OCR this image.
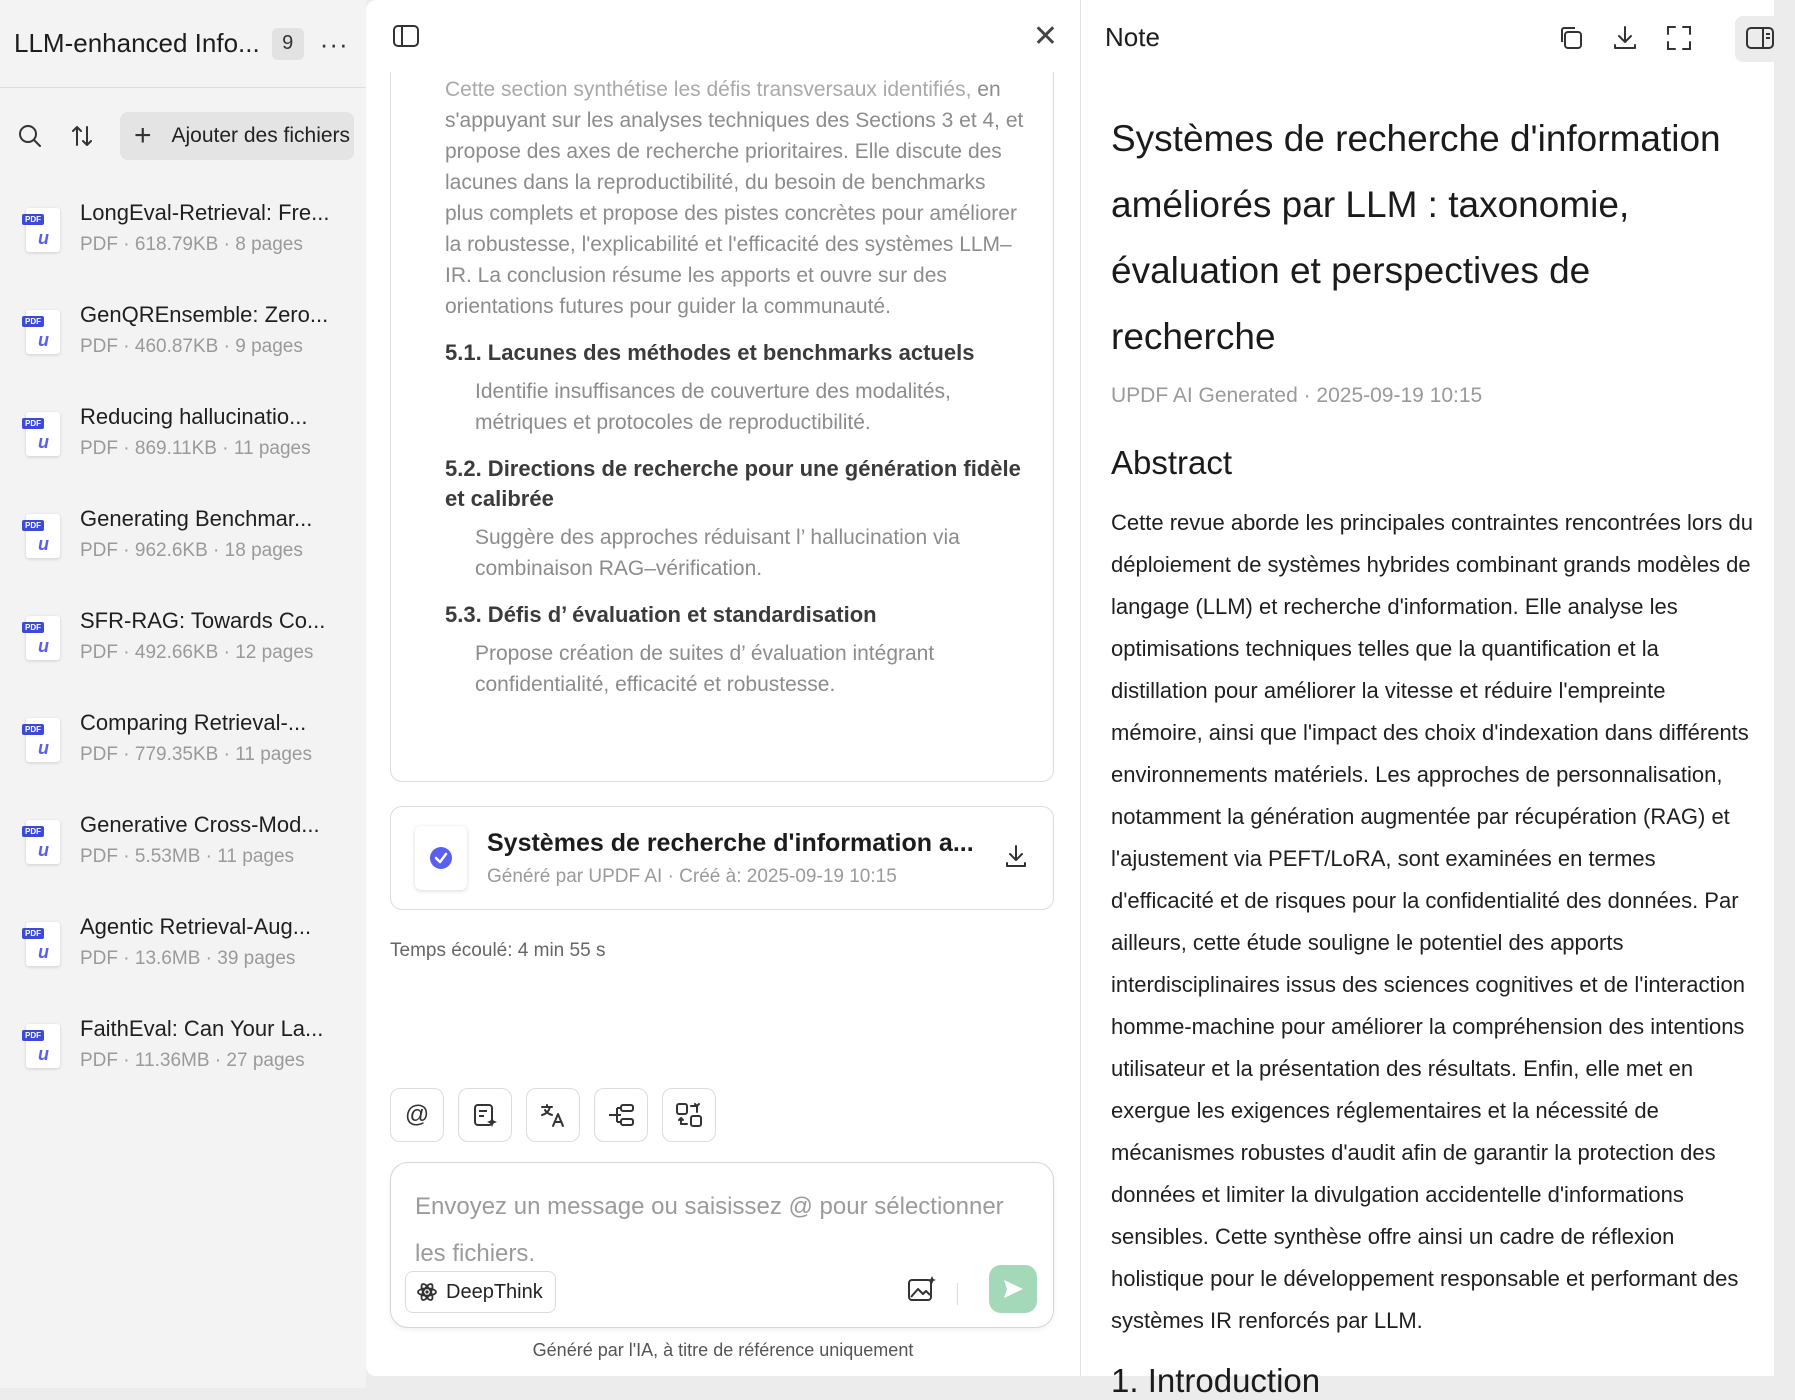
LLM-enhanced Info...	9	···
+ Ajouter des fichiers
PDF
u
LongEval-Retrieval: Fre...
PDF · 618.79KB · 8 pages
PDF
u
GenQREnsemble: Zero...
PDF · 460.87KB · 9 pages
PDF
u
Reducing hallucinatio...
PDF · 869.11KB · 11 pages
PDF
u
Generating Benchmar...
PDF · 962.6KB · 18 pages
PDF
u
SFR-RAG: Towards Co...
PDF · 492.66KB · 12 pages
PDF
u
Comparing Retrieval-...
PDF · 779.35KB · 11 pages
PDF
u
Generative Cross-Mod...
PDF · 5.53MB · 11 pages
PDF
u
Agentic Retrieval-Aug...
PDF · 13.6MB · 39 pages
PDF
u
FaithEval: Can Your La...
PDF · 11.36MB · 27 pages
✕
Cette section synthétise les défis transversaux identifiés, en s'appuyant sur les analyses techniques des Sections 3 et 4, et propose des axes de recherche prioritaires. Elle discute des lacunes dans la reproductibilité, du besoin de benchmarks plus complets et propose des pistes concrètes pour améliorer la robustesse, l'explicabilité et l'efficacité des systèmes LLM–IR. La conclusion résume les apports et ouvre sur des orientations futures pour guider la communauté.
5.1. Lacunes des méthodes et benchmarks actuels
Identifie insuffisances de couverture des modalités, métriques et protocoles de reproductibilité.
5.2. Directions de recherche pour une génération fidèle et calibrée
Suggère des approches réduisant l’ hallucination via combinaison RAG–vérification.
5.3. Défis d’ évaluation et standardisation
Propose création de suites d’ évaluation intégrant confidentialité, efficacité et robustesse.
Systèmes de recherche d'information a...
Généré par UPDF AI · Créé à: 2025-09-19 10:15
Temps écoulé: 4 min 55 s
@
Envoyez un message ou saisissez @ pour sélectionner les fichiers.
DeepThink
Généré par l'IA, à titre de référence uniquement
Note
Systèmes de recherche d'information améliorés par LLM : taxonomie, évaluation et perspectives de recherche
UPDF AI Generated · 2025-09-19 10:15
Abstract
Cette revue aborde les principales contraintes rencontrées lors du déploiement de systèmes hybrides combinant grands modèles de langage (LLM) et recherche d'information. Elle analyse les optimisations techniques telles que la quantification et la distillation pour améliorer la vitesse et réduire l'empreinte mémoire, ainsi que l'impact des choix d'indexation dans différents environnements matériels. Les approches de personnalisation, notamment la génération augmentée par récupération (RAG) et l'ajustement via PEFT/LoRA, sont examinées en termes d'efficacité et de risques pour la confidentialité des données. Par ailleurs, cette étude souligne le potentiel des apports interdisciplinaires issus des sciences cognitives et de l'interaction homme-machine pour améliorer la compréhension des intentions utilisateur et la présentation des résultats. Enfin, elle met en exergue les exigences réglementaires et la nécessité de mécanismes robustes d'audit afin de garantir la protection des données et limiter la divulgation accidentelle d'informations sensibles. Cette synthèse offre ainsi un cadre de réflexion holistique pour le développement responsable et performant des systèmes IR renforcés par LLM.
1. Introduction
